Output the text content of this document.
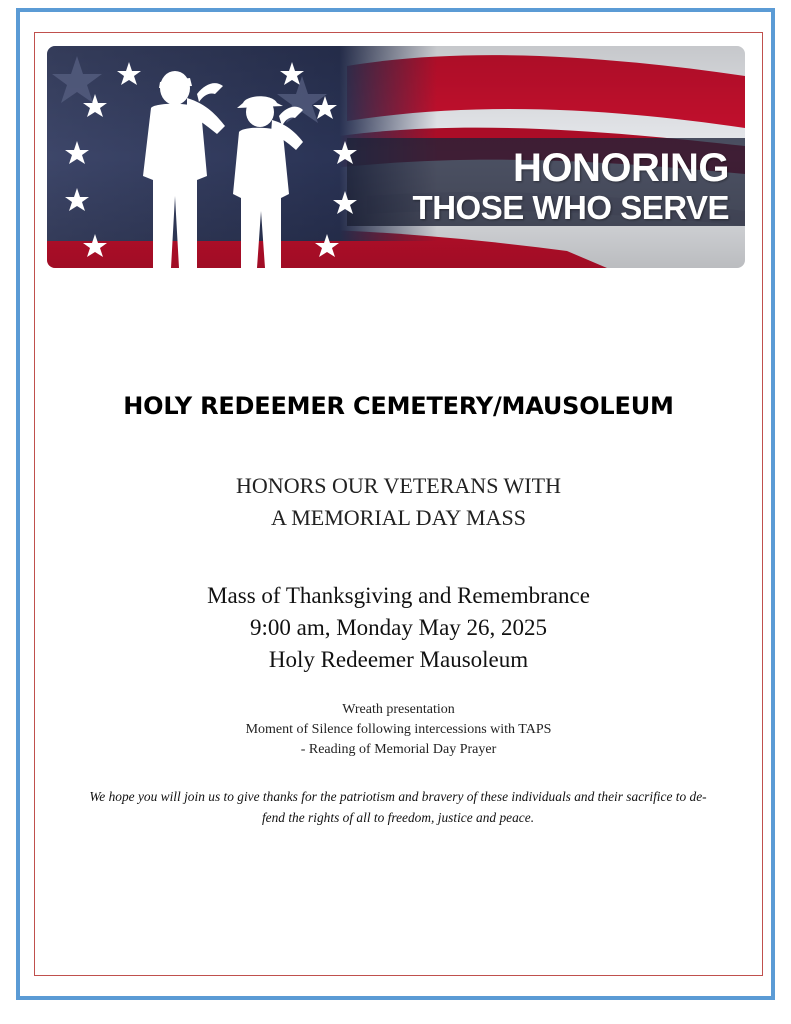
HONORING
THOSE WHO SERVE
HOLY REDEEMER CEMETERY/MAUSOLEUM
HONORS OUR VETERANS WITH
A MEMORIAL DAY MASS
Mass of Thanksgiving and Remembrance
9:00 am, Monday May 26, 2025
Holy Redeemer Mausoleum
Wreath presentation
Moment of Silence following intercessions with TAPS
- Reading of Memorial Day Prayer
We hope you will join us to give thanks for the patriotism and bravery of these individuals and their sacrifice to de-
fend the rights of all to freedom, justice and peace.
